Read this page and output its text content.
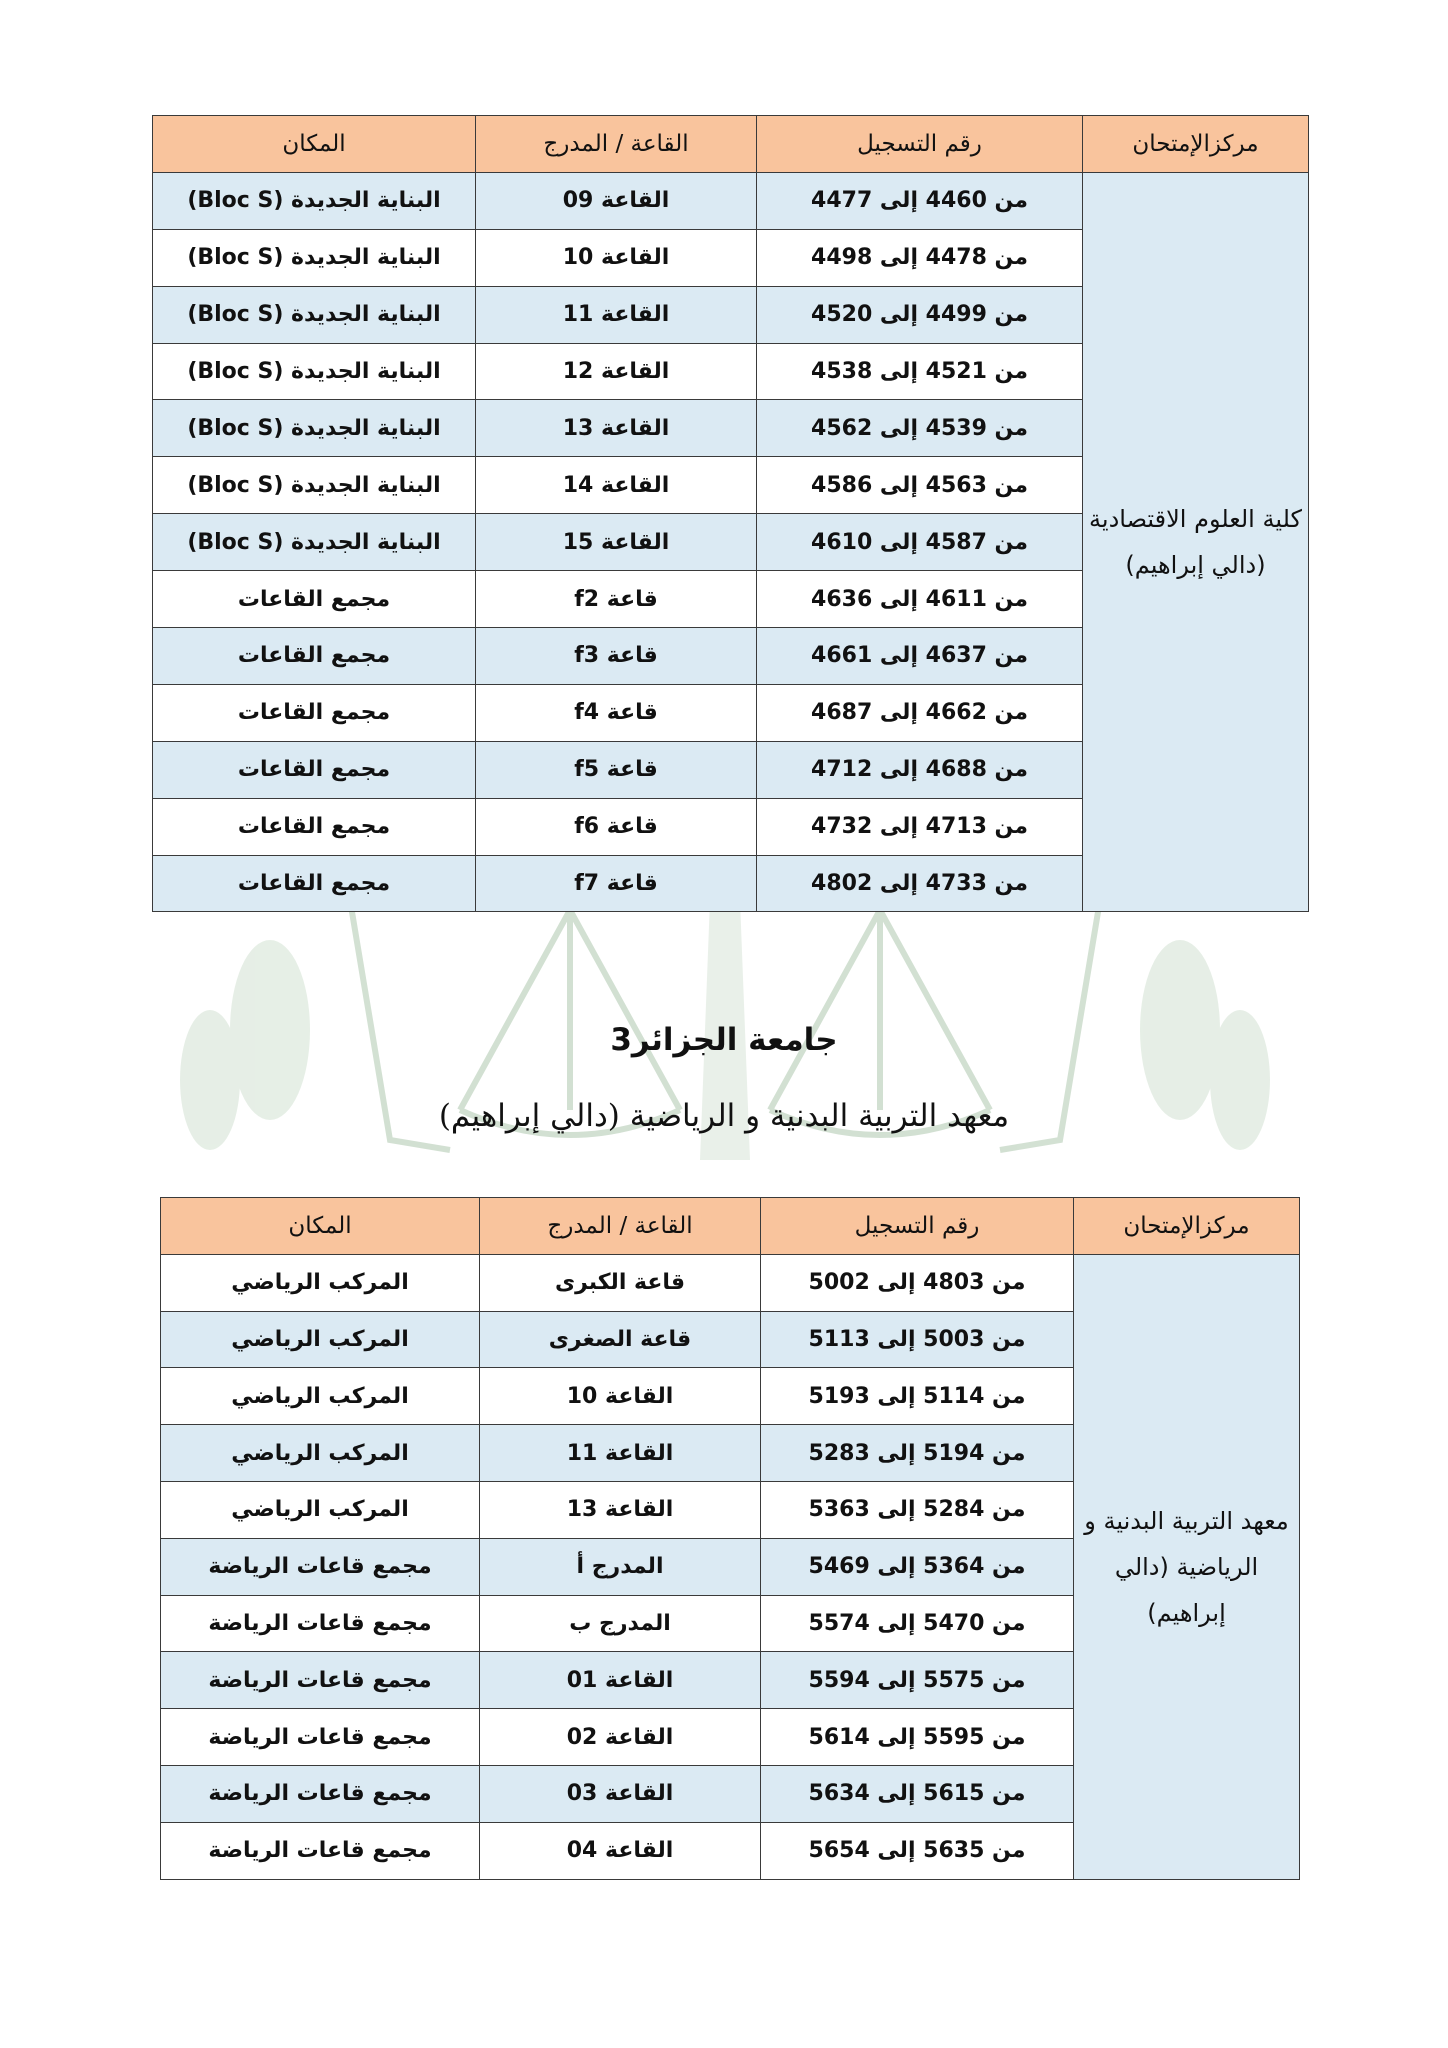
مركزالإمتحان	رقم التسجيل	القاعة / المدرج	المكان
كلية العلوم الاقتصادية (دالي إبراهيم)	من 4460 إلى 4477	القاعة 09	البناية الجديدة (Bloc S)
	من 4478 إلى 4498	القاعة 10	البناية الجديدة (Bloc S)
	من 4499 إلى 4520	القاعة 11	البناية الجديدة (Bloc S)
	من 4521 إلى 4538	القاعة 12	البناية الجديدة (Bloc S)
	من 4539 إلى 4562	القاعة 13	البناية الجديدة (Bloc S)
	من 4563 إلى 4586	القاعة 14	البناية الجديدة (Bloc S)
	من 4587 إلى 4610	القاعة 15	البناية الجديدة (Bloc S)
	من 4611 إلى 4636	قاعة f2	مجمع القاعات
	من 4637 إلى 4661	قاعة f3	مجمع القاعات
	من 4662 إلى 4687	قاعة f4	مجمع القاعات
	من 4688 إلى 4712	قاعة f5	مجمع القاعات
	من 4713 إلى 4732	قاعة f6	مجمع القاعات
	من 4733 إلى 4802	قاعة f7	مجمع القاعات
جامعة الجزائر3
معهد التربية البدنية و الرياضية (دالي إبراهيم)
مركزالإمتحان	رقم التسجيل	القاعة / المدرج	المكان
معهد التربية البدنية و الرياضية (دالي إبراهيم)	من 4803 إلى 5002	قاعة الكبرى	المركب الرياضي
	من 5003 إلى 5113	قاعة الصغرى	المركب الرياضي
	من 5114 إلى 5193	القاعة 10	المركب الرياضي
	من 5194 إلى 5283	القاعة 11	المركب الرياضي
	من 5284 إلى 5363	القاعة 13	المركب الرياضي
	من 5364 إلى 5469	المدرج أ	مجمع قاعات الرياضة
	من 5470 إلى 5574	المدرج ب	مجمع قاعات الرياضة
	من 5575 إلى 5594	القاعة 01	مجمع قاعات الرياضة
	من 5595 إلى 5614	القاعة 02	مجمع قاعات الرياضة
	من 5615 إلى 5634	القاعة 03	مجمع قاعات الرياضة
	من 5635 إلى 5654	القاعة 04	مجمع قاعات الرياضة
